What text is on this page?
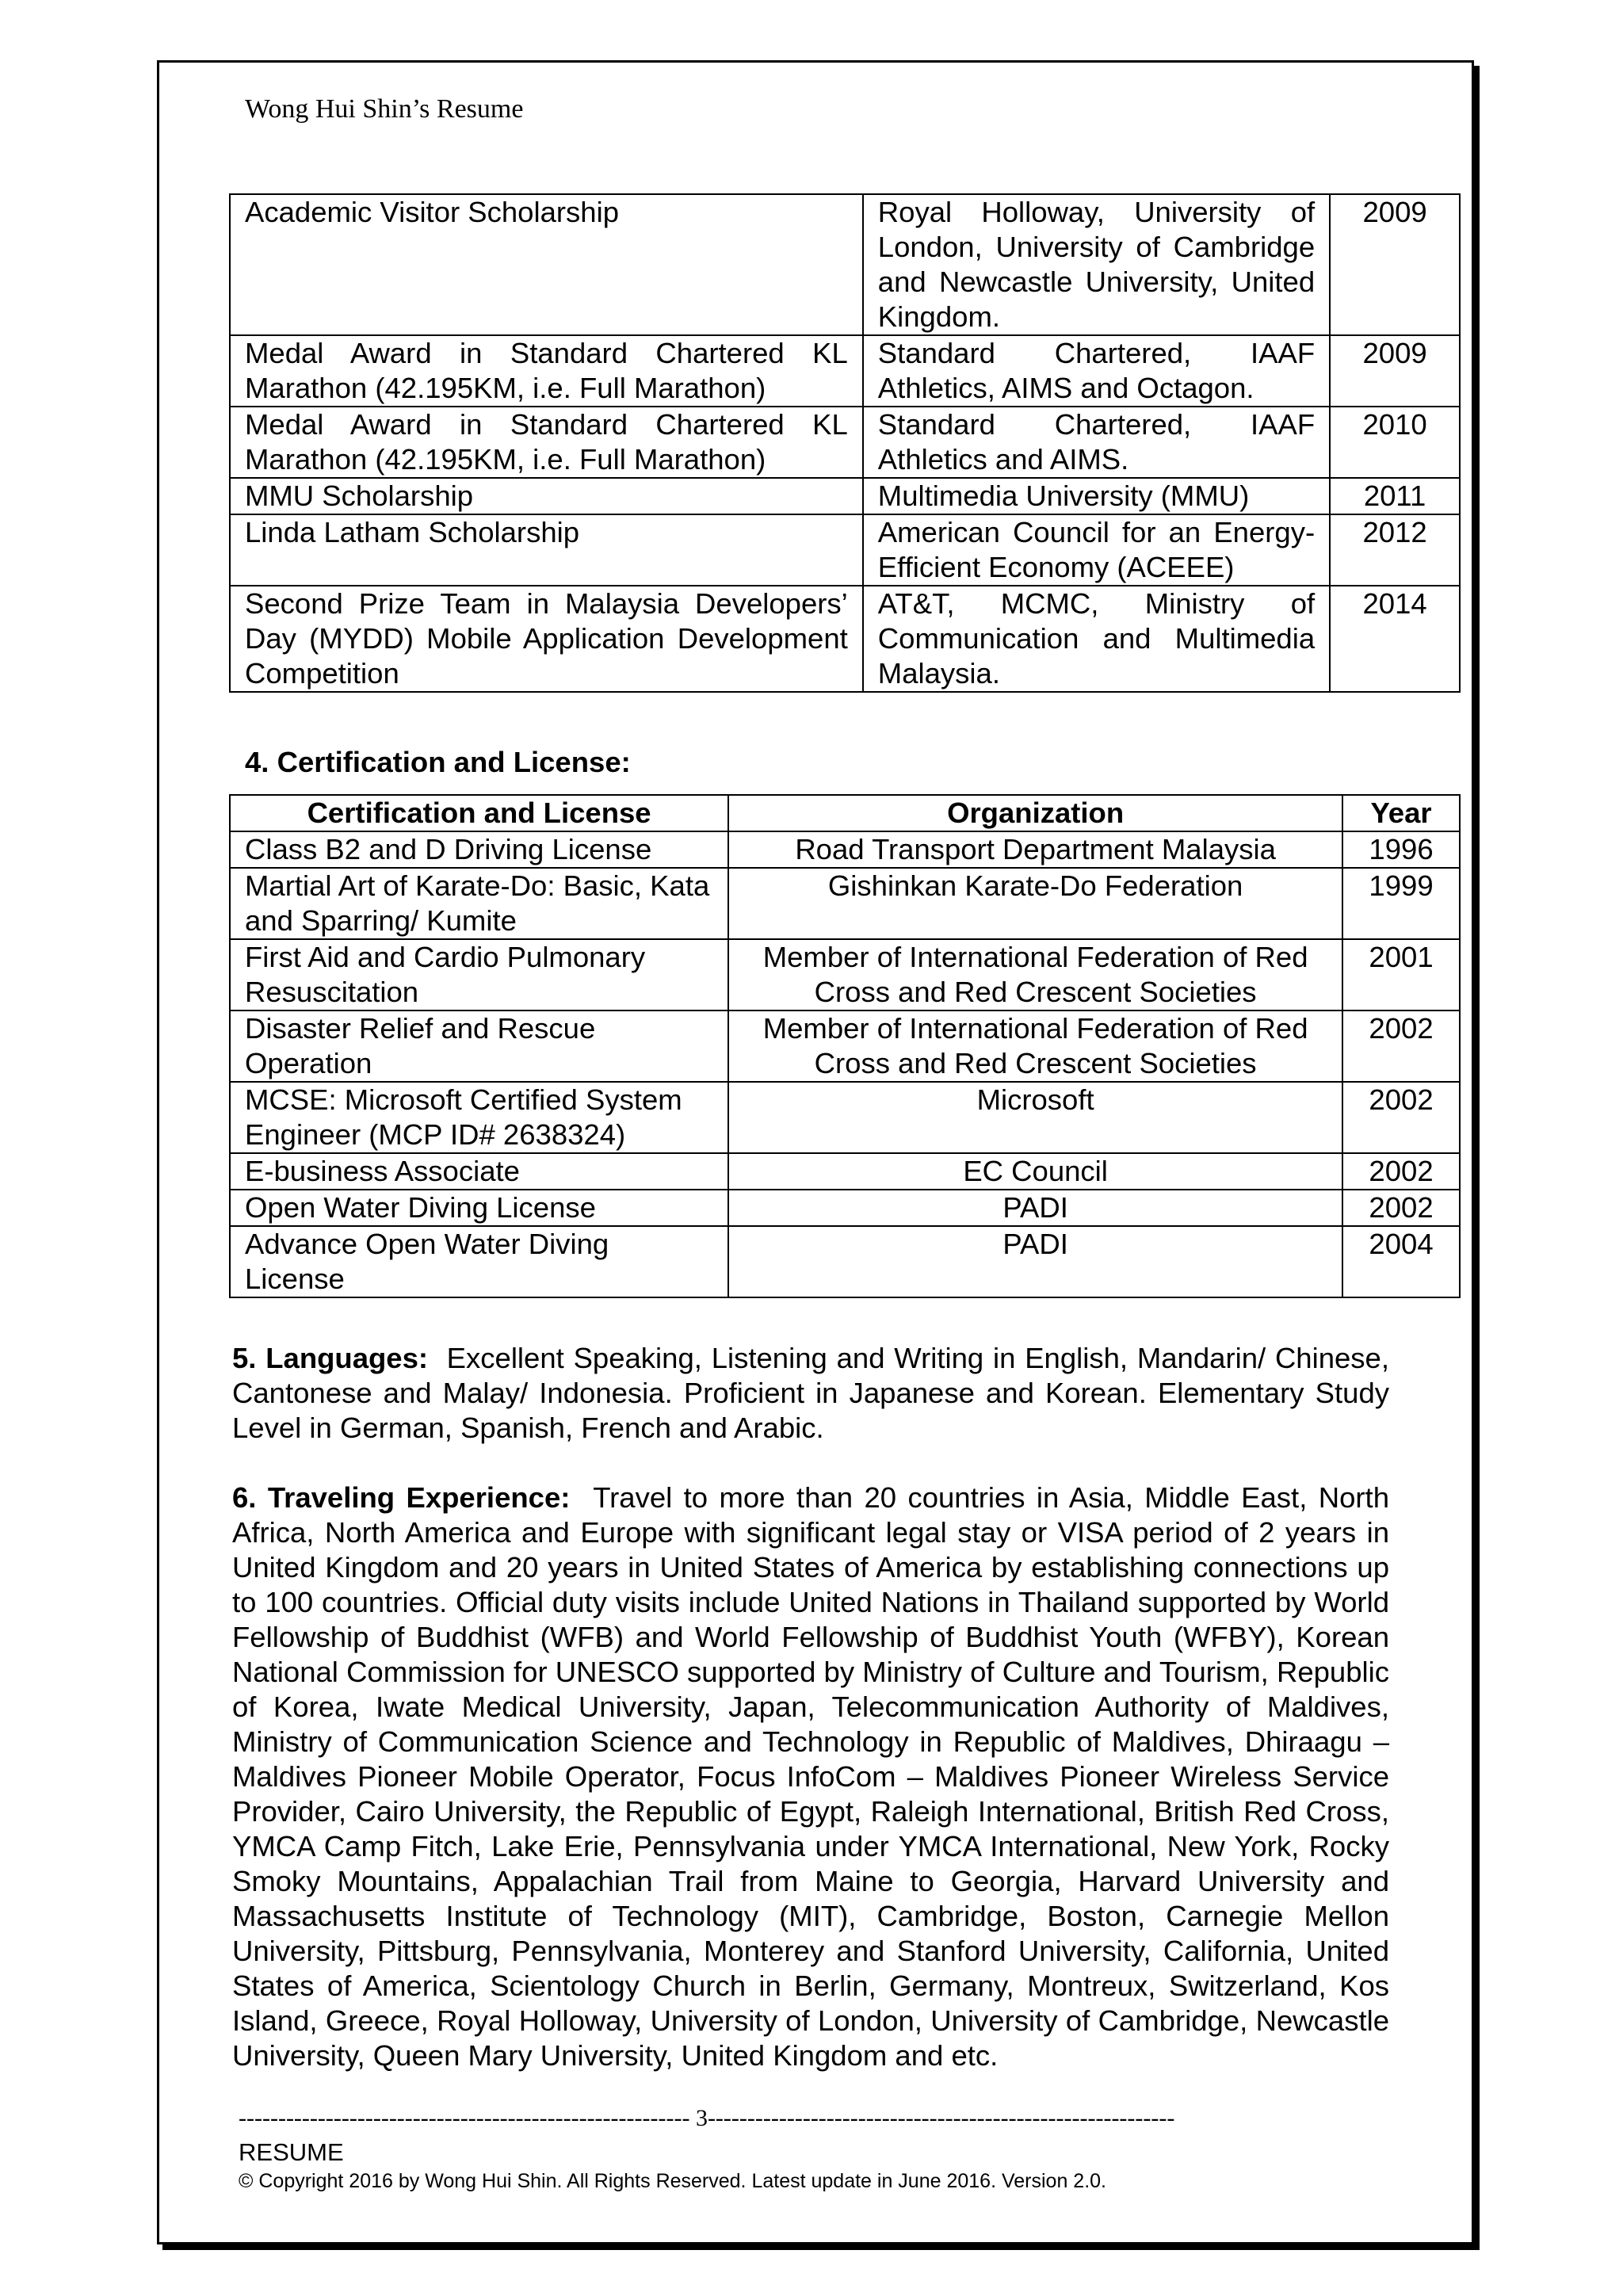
Wong Hui Shin’s Resume
Academic Visitor Scholarship	Royal Holloway, University of London, University of Cambridge and Newcastle University, United Kingdom.	2009
Medal Award in Standard Chartered KL Marathon (42.195KM, i.e. Full Marathon)	Standard Chartered, IAAF Athletics, AIMS and Octagon.	2009
Medal Award in Standard Chartered KL Marathon (42.195KM, i.e. Full Marathon)	Standard Chartered, IAAF Athletics and AIMS.	2010
MMU Scholarship	Multimedia University (MMU)	2011
Linda Latham Scholarship	American Council for an Energy-Efficient Economy (ACEEE)	2012
Second Prize Team in Malaysia Developers’ Day (MYDD) Mobile Application Development Competition	AT&T, MCMC, Ministry of Communication and Multimedia Malaysia.	2014
4. Certification and License:
Certification and License	Organization	Year
Class B2 and D Driving License	Road Transport Department Malaysia	1996
Martial Art of Karate-Do: Basic, Kata and Sparring/ Kumite	Gishinkan Karate-Do Federation	1999
First Aid and Cardio Pulmonary Resuscitation	Member of International Federation of Red Cross and Red Crescent Societies	2001
Disaster Relief and Rescue Operation	Member of International Federation of Red Cross and Red Crescent Societies	2002
MCSE: Microsoft Certified System Engineer (MCP ID# 2638324)	Microsoft	2002
E-business Associate	EC Council	2002
Open Water Diving License	PADI	2002
Advance Open Water Diving License	PADI	2004
5. Languages: Excellent Speaking, Listening and Writing in English, Mandarin/ Chinese, Cantonese and Malay/ Indonesia. Proficient in Japanese and Korean. Elementary Study Level in German, Spanish, French and Arabic.
6. Traveling Experience: Travel to more than 20 countries in Asia, Middle East, North Africa, North America and Europe with significant legal stay or VISA period of 2 years in United Kingdom and 20 years in United States of America by establishing connections up to 100 countries. Official duty visits include United Nations in Thailand supported by World Fellowship of Buddhist (WFB) and World Fellowship of Buddhist Youth (WFBY), Korean National Commission for UNESCO supported by Ministry of Culture and Tourism, Republic of Korea, Iwate Medical University, Japan, Telecommunication Authority of Maldives, Ministry of Communication Science and Technology in Republic of Maldives, Dhiraagu – Maldives Pioneer Mobile Operator, Focus InfoCom – Maldives Pioneer Wireless Service Provider, Cairo University, the Republic of Egypt, Raleigh International, British Red Cross, YMCA Camp Fitch, Lake Erie, Pennsylvania under YMCA International, New York, Rocky Smoky Mountains, Appalachian Trail from Maine to Georgia, Harvard University and Massachusetts Institute of Technology (MIT), Cambridge, Boston, Carnegie Mellon University, Pittsburg, Pennsylvania, Monterey and Stanford University, California, United States of America, Scientology Church in Berlin, Germany, Montreux, Switzerland, Kos Island, Greece, Royal Holloway, University of London, University of Cambridge, Newcastle University, Queen Mary University, United Kingdom and etc.
--------------------------------------------------------- 3-----------------------------------------------------------
RESUME
© Copyright 2016 by Wong Hui Shin. All Rights Reserved. Latest update in June 2016. Version 2.0.
